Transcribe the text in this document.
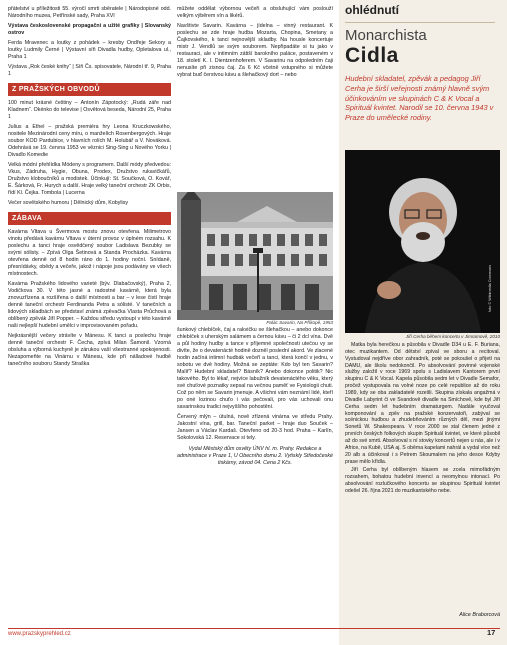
přátelství u příležitosti 55. výročí smrti sběratele | Národopisné odd. Národního muzea, Petřínské sady, Praha XVI

Výstava československé propagační a užité grafiky | Slovanský ostrov

Ferda Mravenec a loutky z pohádek – kresby Ondřeje Sekory a loutky Ludmily Černé | Výstavní síň Divadla hudby, Opletalova ul., Praha 1

Výstava „Rok české knihy“ | Síň Čs. spisovatele, Národní tř. 9, Praha 1

Z PRAŽSKÝCH OBVODŮ

100 minut krásné češtiny – Antonín Zápotocký: „Rudá záře nad Kladnem“. Okénko do televise | Osvětová beseda, Národní 25, Praha 1

Julius a Ethel – pražská premiéra hry Leona Kruczkowského, nositele Mezinárodní ceny míru, o manželích Rosenbergových. Hraje soubor KOD Pardubice, v hlavních rolích M. Holubář a V. Nováková. Odehrává se 19. června 1953 ve věznici Sing-Sing u Nového Yorku | Divadlo Komedie

Velká módní přehlídka Módeny s programem. Další módy předvedou: Vkus, Zádruha, Hygie, Obuna, Prodex, Družstvo rukavičkářů, Družstvo kloboučníků a modistek. Účinkují: St. Součková, O. Kovář, E. Šárková, Fr. Hurych a další. Hraje velký taneční orchestr ZK Orbis, řídí Kl. Čejka. Tombola | Lucerna

Večer sovětského humoru | Dělnický dům, Kobylisy

ZÁBAVA

Kavárna Vltava u Švermova mostu znovu otevřena. Milimetrovo vinotu předává kavárnu Vltava v úterní provoz v úplném rozsahu. K poslechu a tanci hraje osvědčený soubor Ladislava Bezubky se svými sólisty. – Zpívá Olga Šetinová a Standa Procházka. Kavárna otevřena denně od 8 hodin ráno do 1. hodiny noční. Snídaně, přesnídávky, obědy a večeře, jakož i nápoje jsou podávány ve všech místnostech.

Kavárna Pražského lidového varieté (býv. Dlabačovský), Praha 2, Vodičkova 30. V této jasné a radostné kavárně, která byla znovuzřízena a rozšířena o další místnosti a bar – v lese čistí hraje denně taneční orchestr Ferdinanda Petra a sólisté. V tanečních a lidových skladbách se představí známá zpěvačka Vlasta Průchová a oblíbený zpěvák Jiří Popper. – Každou středu vystoupí v této kavárně naši nejlepší hudební umělci v improvisovaném pořadu.

Nejkrásnější večery strávíte v Mánesu. K tanci a poslechu hraje denně taneční orchestr F. Čecha, zpívá Milan Šamonil. Vzorná obsluha a výborná kuchyně je zárukou vaší všestranné spokojenosti. Nezapomeňte na Vinárnu v Mánesu, kde při nálladové hudbě tanečního souboru Standy Straška

můžete oddělat výbornou večeři a obsluhující vám poslouží velkým výběrem vín a likérů.

Navštivte Savarin. Kavárna – jídelna – vinný restaurant. K poslechu se zde hraje hudba Mozarta, Chopina, Smetany a Čajkovského, k tanci nejnovější skladby. Na housle koncertuje mistr J. Vendlů se svým souborem. Nepřipadáte si tu jako v restauraci, ale v intimním zátiší barokního paláce, postaveném v 18. století K. I. Dientzenhoferem. V Savarinu na odpoledním čaji nenusíte při zisnou čaj. Za 6 Kč včetně vstupného si můžete vybrat buď čerstvou kávu a šlehačkový dort – nebo

Palác Savarin, Na Příkopě, 1953

šunkový chlebíček, čaj a rakvičku se šlehačkou – anebo dokonce chlebíček s uherským salámem a černou kávu – či 2 dcl vína. Dvě a půl hodiny hudby a tance v příjemné společnosti utečou vy se divíte, že o devatenácté hodině dozněl poslední akord. Ve zlacené hodin začíná intimní hudbák večeří a tanci, která končí v jednu, v sobotu ve dvě hodiny. Možná se zeptáte: Kdo byl ten Savarin? Malíř? Hudební skladatel? Básník? Anebo dokonce politik? Nic takového. Byl to lékař, nejvíce labužník devatenáctého věku, který své chuťové poznatky sepsal na večnou paměť ve Fysiologii chuti. Což po něm se Savarin jmenuje. A všichni vám neznámí lidé, kteří po oné lozinou chuťo i vás pečovali, pro vás uchovali onu savarinskou tradici nejvyššího pohostění.

Červený mlýn – útulná, nově zřízená vinárna ve středu Prahy. Jakostní vína, grill, bar. Taneční parket – hraje duo Souček – Jansen a Václav Kardaš. Otevřeno od 20-3 hod. Praha – Karlín, Sokolovská 12. Reservace si tely.

Vydal Městský dům osvěty ÚNV hl. m. Prahy. Redakce a administrace v Praze 1, U Obecního domu 2. Vytiskly Středočeské tiskárny, závod 04. Cena 2 Kčs.

ohlédnutí
Monarchista
Cidla
Hudební skladatel, zpěvák a pedagog Jiří Cerha je širší veřejnosti známý hlavně svým účinkováním ve skupinách C & K Vocal a Spirituál kvintet. Narodil se 10. června 1943 v Praze do umělecké rodiny.
foto © Wikimedia Commons
Jiří Cerha během koncertu v Jimramově, 2010

Matka byla herečkou a působila v Divadle D34 u E. F. Buriana, otec muzikantem. Od dětství zpíval ve sboru a recitoval. Vystudoval nejdříve obor zahradník, poté se pokoušel o přijetí na DAMU, ale školu nedokončil. Po absolvování povinné vojenské služby založil v roce 1969 spolu s Ladislavem Kantorem první skupinu C & K Vocal. Kapela působila sedm let v Divadle Semafor, pročež vystupovala na volné noze po celé republice až do roku 1989, kdy se oba zakladatelé rozešli. Skupina získala angažmá v Divadle Labyrint či ve Svandově divadle na Smíchově, kde byl Jiří Cerha sedm let hudebním dramaturgem. Nadále vyučoval komponování a zpěv na pražské konzervatoři, zabýval se scénickou hudbou a zhudebňováním různých děl, mezi jinými Sonetů W. Shakespeara. V roce 2000 se stal členem jedné z prvních českých folkových skupin Spirituál kvintet, ve které působil až do své smrti. Absolvoval s ní stovky koncertů nejen u nás, ale i v Africe, na Kubě, USA aj. S oběma kapelami nahrál a vydal více než 20 alb a účinkoval i s Petrem Skoumalem na jeho desce Kdyby prase mělo křídla.

Jiří Cerha byl oblíbeným hlasem se zcela mimořádným rozsahem, bohatou hudební invencí a neomylnou intonací. Po absolvování rozlučkového koncertu se skupinou Spirituál kvintet odešel 26. října 2021 do muzikantského nebe.

Alice Braborcová
www.prazskyprehled.cz	17
